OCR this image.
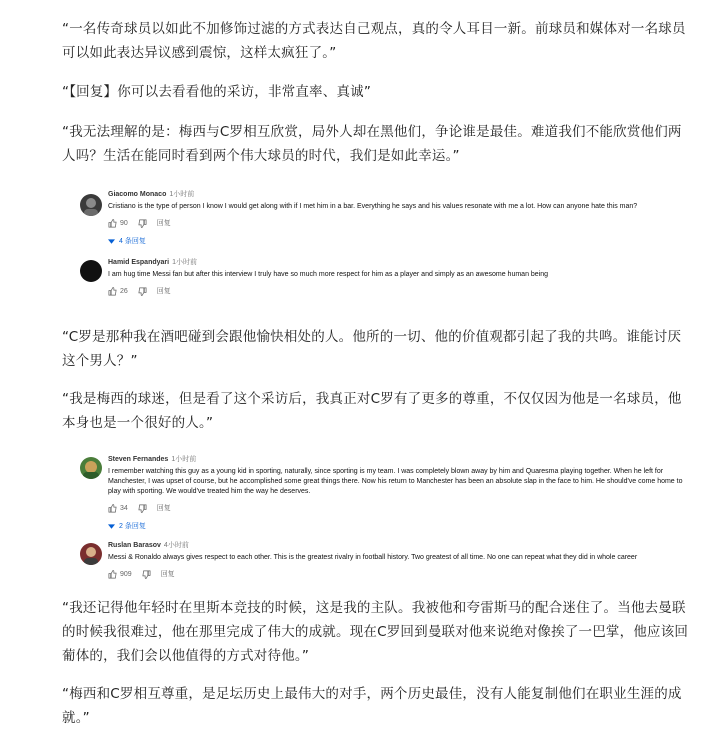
“一名传奇球员以如此不加修饰过滤的方式表达自己观点，真的令人耳目一新。前球员和媒体对一名球员可以如此表达异议感到震惊，这样太疯狂了。”

“【回复】你可以去看看他的采访，非常直率、真诚”

“我无法理解的是：梅西与C罗相互欣赏，局外人却在黑他们，争论谁是最佳。难道我们不能欣赏他们两人吗？生活在能同时看到两个伟大球员的时代，我们是如此幸运。”

Giacomo Monaco 1小时前
Cristiano is the type of person I know I would get along with if I met him in a bar. Everything he says and his values resonate with me a lot. How can anyone hate this man?
90	回复
4 条回复
Hamid Espandyari 1小时前
I am hug time Messi fan but after this interview I truly have so much more respect for him as a player and simply as an awesome human being
26	回复

“C罗是那种我在酒吧碰到会跟他愉快相处的人。他所的一切、他的价值观都引起了我的共鸣。谁能讨厌这个男人？”

“我是梅西的球迷，但是看了这个采访后，我真正对C罗有了更多的尊重，不仅仅因为他是一名球员，他本身也是一个很好的人。”

Steven Fernandes 1小时前
I remember watching this guy as a young kid in sporting, naturally, since sporting is my team. I was completely blown away by him and Quaresma playing together. When he left for Manchester, I was upset of course, but he accomplished some great things there. Now his return to Manchester has been an absolute slap in the face to him. He should've come home to play with sporting. We would've treated him the way he deserves.
34	回复
2 条回复
Ruslan Barasov 4小时前
Messi & Ronaldo always gives respect to each other. This is the greatest rivalry in football history. Two greatest of all time. No one can repeat what they did in whole career
909	回复

“我还记得他年轻时在里斯本竞技的时候，这是我的主队。我被他和夸雷斯马的配合迷住了。当他去曼联的时候我很难过，他在那里完成了伟大的成就。现在C罗回到曼联对他来说绝对像挨了一巴掌，他应该回葡体的，我们会以他值得的方式对待他。”

“梅西和C罗相互尊重，是足坛历史上最伟大的对手，两个历史最佳，没有人能复制他们在职业生涯的成就。”
